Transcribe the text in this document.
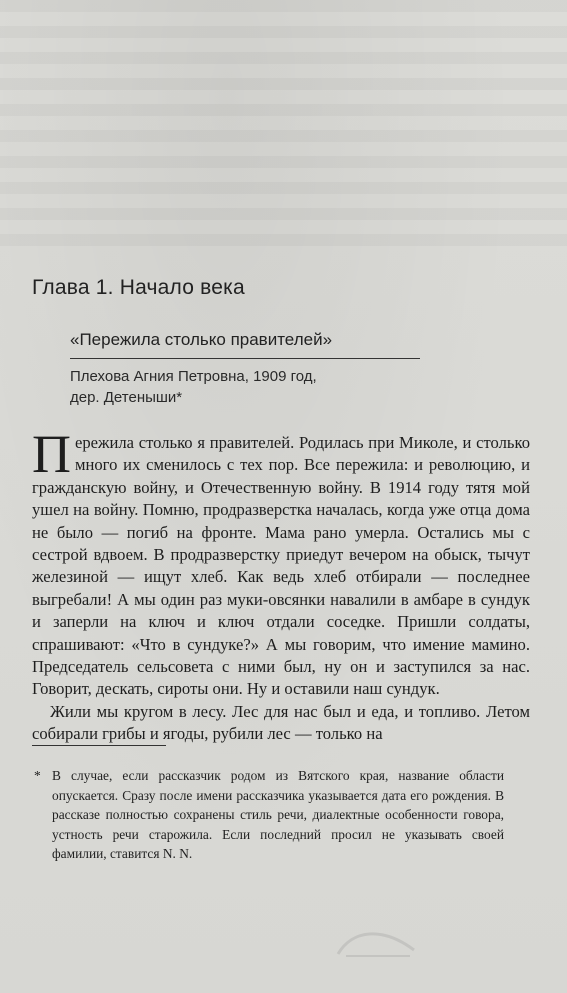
Глава 1. Начало века
«Пережила столько правителей»
Плехова Агния Петровна, 1909 год,
дер. Детеныши*

Пережила столько я правителей. Родилась при Миколе, и столько много их сменилось с тех пор. Все пережила: и революцию, и гражданскую войну, и Отечественную войну. В 1914 году тятя мой ушел на войну. Помню, продразверстка началась, когда уже отца дома не было — погиб на фронте. Мама рано умерла. Остались мы с сестрой вдвоем. В продразверстку приедут вечером на обыск, тычут железиной — ищут хлеб. Как ведь хлеб отбирали — последнее выгребали! А мы один раз муки-овсянки навалили в амбаре в сундук и заперли на ключ и ключ отдали соседке. Пришли солдаты, спрашивают: «Что в сундуке?» А мы говорим, что имение мамино. Председатель сельсовета с ними был, ну он и заступился за нас. Говорит, дескать, сироты они. Ну и оставили наш сундук.

Жили мы кругом в лесу. Лес для нас был и еда, и топливо. Летом собирали грибы и ягоды, рубили лес — только на

* В случае, если рассказчик родом из Вятского края, название области опускается. Сразу после имени рассказчика указывается дата его рождения. В рассказе полностью сохранены стиль речи, диалектные особенности говора, устность речи старожила. Если последний просил не указывать своей фамилии, ставится N. N.
